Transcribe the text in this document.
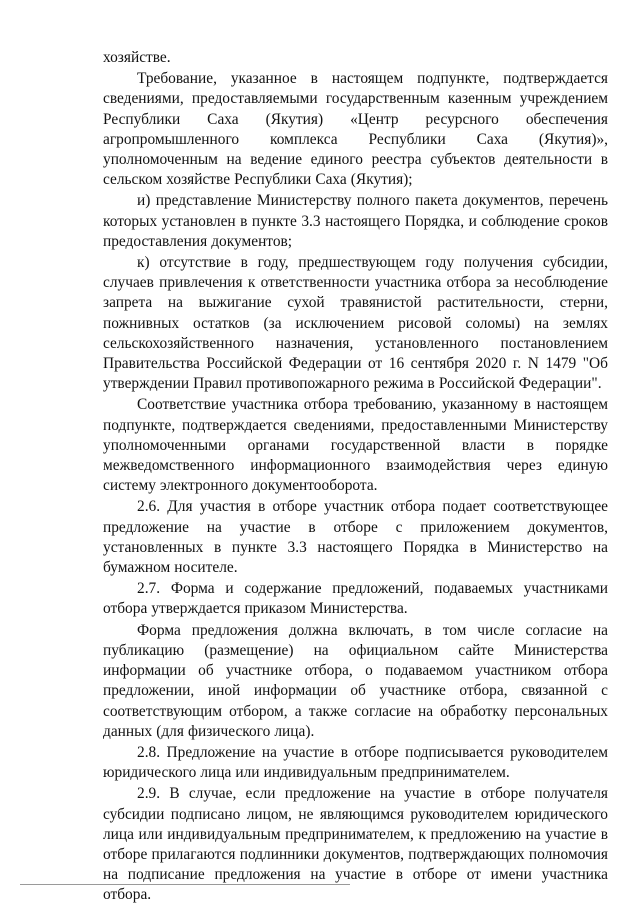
хозяйстве.

Требование, указанное в настоящем подпункте, подтверждается сведениями, предоставляемыми государственным казенным учреждением Республики Саха (Якутия) «Центр ресурсного обеспечения агропромышленного комплекса Республики Саха (Якутия)», уполномоченным на ведение единого реестра субъектов деятельности в сельском хозяйстве Республики Саха (Якутия);

и) представление Министерству полного пакета документов, перечень которых установлен в пункте 3.3 настоящего Порядка, и соблюдение сроков предоставления документов;

к) отсутствие в году, предшествующем году получения субсидии, случаев привлечения к ответственности участника отбора за несоблюдение запрета на выжигание сухой травянистой растительности, стерни, пожнивных остатков (за исключением рисовой соломы) на землях сельскохозяйственного назначения, установленного постановлением Правительства Российской Федерации от 16 сентября 2020 г. N 1479 "Об утверждении Правил противопожарного режима в Российской Федерации".

Соответствие участника отбора требованию, указанному в настоящем подпункте, подтверждается сведениями, предоставленными Министерству уполномоченными органами государственной власти в порядке межведомственного информационного взаимодействия через единую систему электронного документооборота.

2.6. Для участия в отборе участник отбора подает соответствующее предложение на участие в отборе с приложением документов, установленных в пункте 3.3 настоящего Порядка в Министерство на бумажном носителе.

2.7. Форма и содержание предложений, подаваемых участниками отбора утверждается приказом Министерства.

Форма предложения должна включать, в том числе согласие на публикацию (размещение) на официальном сайте Министерства информации об участнике отбора, о подаваемом участником отбора предложении, иной информации об участнике отбора, связанной с соответствующим отбором, а также согласие на обработку персональных данных (для физического лица).

2.8. Предложение на участие в отборе подписывается руководителем юридического лица или индивидуальным предпринимателем.

2.9. В случае, если предложение на участие в отборе получателя субсидии подписано лицом, не являющимся руководителем юридического лица или индивидуальным предпринимателем, к предложению на участие в отборе прилагаются подлинники документов, подтверждающих полномочия на подписание предложения на участие в отборе от имени участника отбора.
